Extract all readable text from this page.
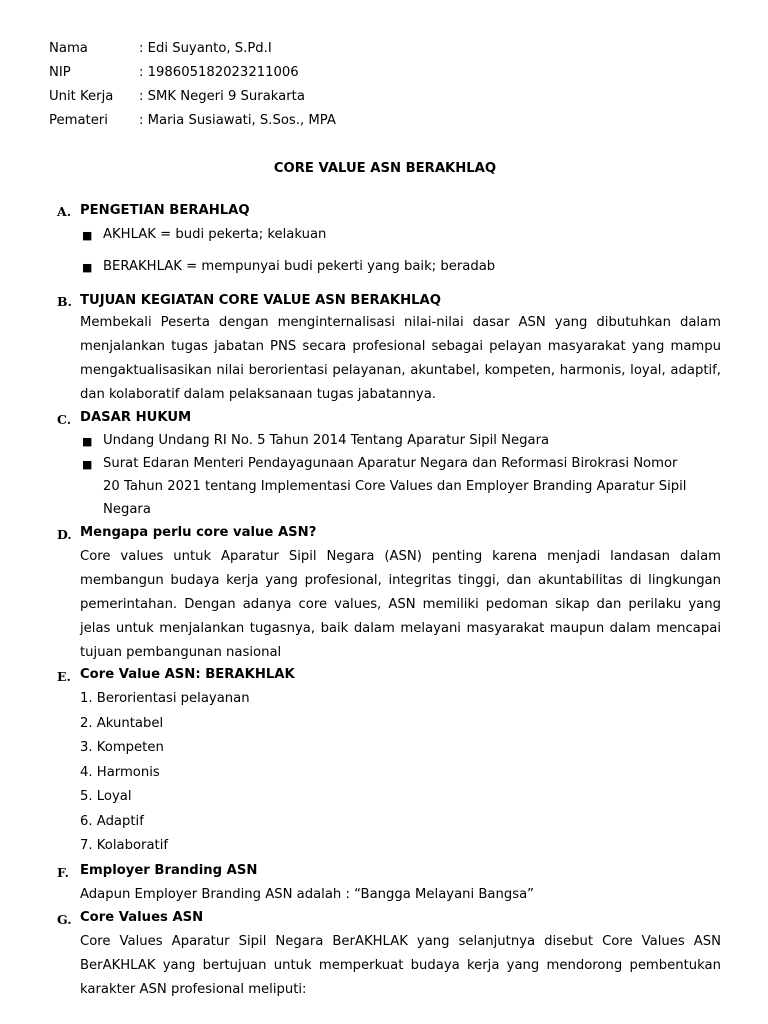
Nama	: Edi Suyanto, S.Pd.I
NIP	: 198605182023211006
Unit Kerja : SMK Negeri 9 Surakarta
Pemateri : Maria Susiawati, S.Sos., MPA
CORE VALUE ASN BERAKHLAQ
A. PENGETIAN BERAHLAQ
■ AKHLAK = budi pekerta; kelakuan
■ BERAKHLAK = mempunyai budi pekerti yang baik; beradab
B. TUJUAN KEGIATAN CORE VALUE ASN BERAKHLAQ
Membekali Peserta dengan menginternalisasi nilai-nilai dasar ASN yang dibutuhkan dalam menjalankan tugas jabatan PNS secara profesional sebagai pelayan masyarakat yang mampu mengaktualisasikan nilai berorientasi pelayanan, akuntabel, kompeten, harmonis, loyal, adaptif, dan kolaboratif dalam pelaksanaan tugas jabatannya.
C. DASAR HUKUM
■ Undang Undang RI No. 5 Tahun 2014 Tentang Aparatur Sipil Negara
■ Surat Edaran Menteri Pendayagunaan Aparatur Negara dan Reformasi Birokrasi Nomor
20 Tahun 2021 tentang Implementasi Core Values dan Employer Branding Aparatur Sipil
Negara
D. Mengapa perlu core value ASN?
Core values untuk Aparatur Sipil Negara (ASN) penting karena menjadi landasan dalam membangun budaya kerja yang profesional, integritas tinggi, dan akuntabilitas di lingkungan pemerintahan. Dengan adanya core values, ASN memiliki pedoman sikap dan perilaku yang jelas untuk menjalankan tugasnya, baik dalam melayani masyarakat maupun dalam mencapai tujuan pembangunan nasional
E. Core Value ASN: BERAKHLAK
1. Berorientasi pelayanan
2. Akuntabel
3. Kompeten
4. Harmonis
5. Loyal
6. Adaptif
7. Kolaboratif
F. Employer Branding ASN
Adapun Employer Branding ASN adalah : “Bangga Melayani Bangsa”
G. Core Values ASN
Core Values Aparatur Sipil Negara BerAKHLAK yang selanjutnya disebut Core Values ASN BerAKHLAK yang bertujuan untuk memperkuat budaya kerja yang mendorong pembentukan karakter ASN profesional meliputi:
